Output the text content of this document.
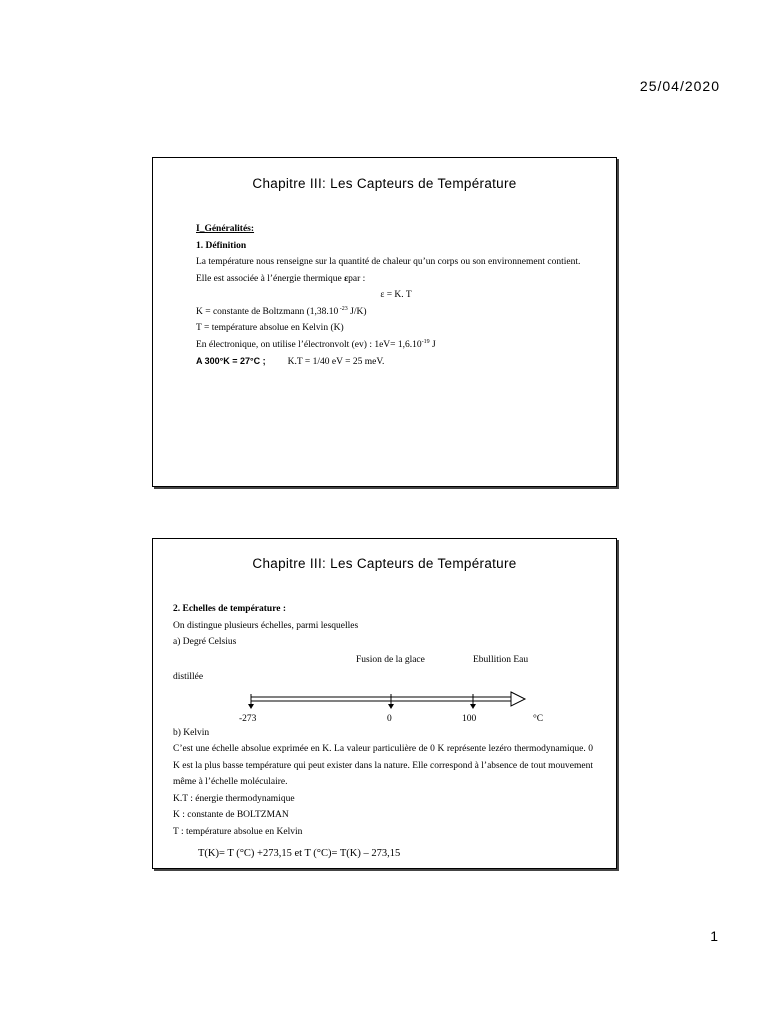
25/04/2020
Chapitre III: Les Capteurs de Température
I_Généralités:
1. Définition
La température nous renseigne sur la quantité de chaleur qu’un corps ou son environnement contient.
Elle est associée à l’énergie thermique εpar :
ε = K. T
K = constante de Boltzmann (1,38.10 $^{-23}$ J/K)
T = température absolue en Kelvin (K)
En électronique, on utilise l’électronvolt (ev) : $1eV= 1,6.10^{-19}$ J
A 300°K = 27°C ; K.T = 1/40 eV = 25 meV.
Chapitre III: Les Capteurs de Température
2. Echelles de température :
On distingue plusieurs échelles, parmi lesquelles
a) Degré Celsius
Fusion de la glace	Ebullition Eau
distillée
-273	0	100	°C
b) Kelvin
C’est une échelle absolue exprimée en K. La valeur particulière de 0 K représente lezéro thermodynamique. 0 K est la plus basse température qui peut exister dans la nature. Elle correspond à l’absence de tout mouvement même à l’échelle moléculaire.
K.T : énergie thermodynamique
K : constante de BOLTZMAN
T : température absolue en Kelvin
T(K)= T (°C) +273,15 et T (°C)= T(K) – 273,15
1
